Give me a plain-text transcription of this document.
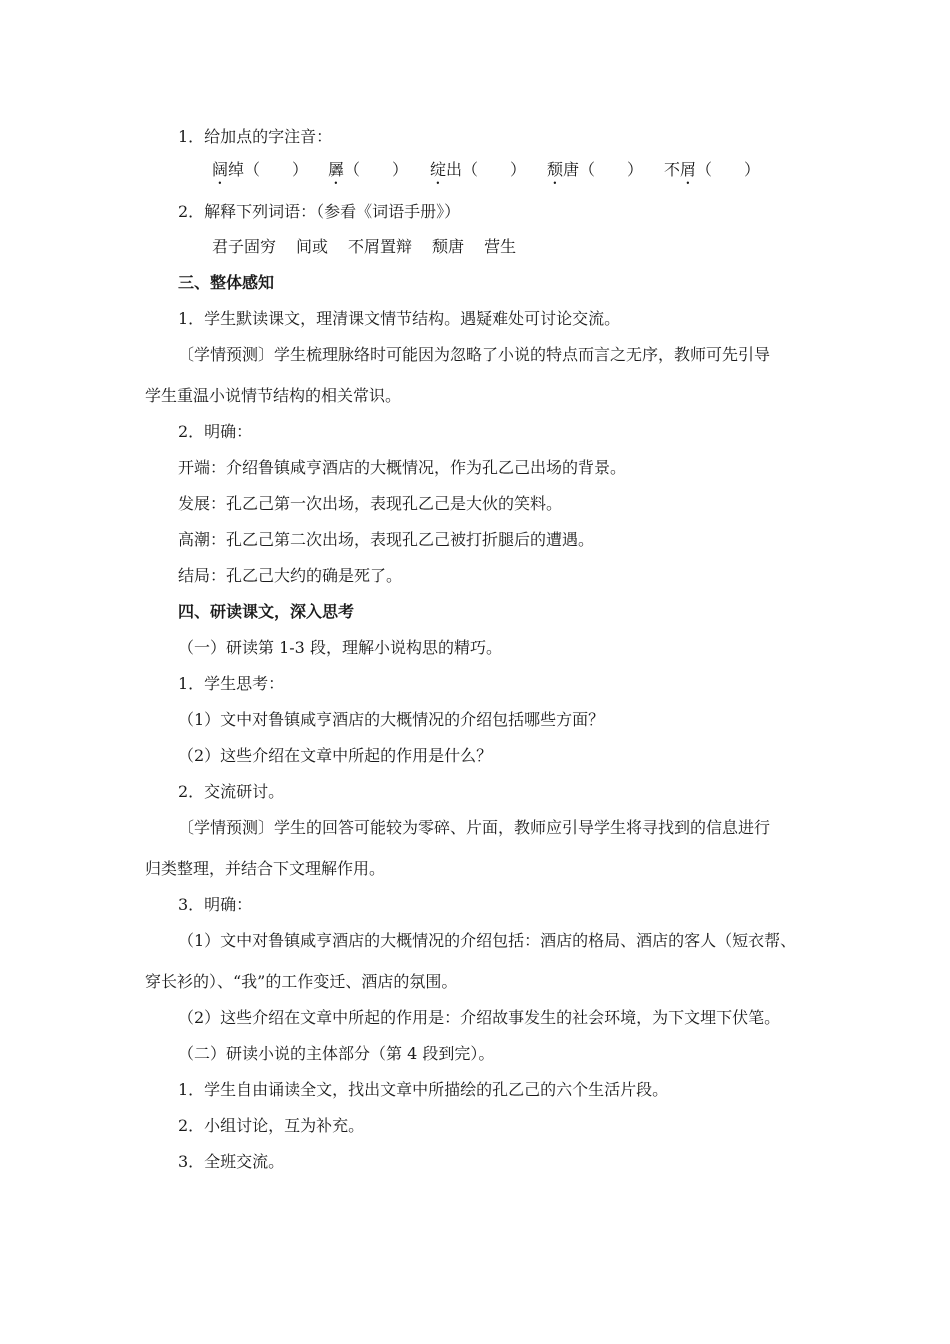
1．给加点的字注音：
阔绰（　　） 羼（　　） 绽出（　　） 颓唐（　　） 不屑（　　）
2．解释下列词语：（参看《词语手册》）
君子固穷 间或 不屑置辩 颓唐 营生
三、整体感知
1．学生默读课文，理清课文情节结构。遇疑难处可讨论交流。
〔学情预测〕学生梳理脉络时可能因为忽略了小说的特点而言之无序，教师可先引导
学生重温小说情节结构的相关常识。
2．明确：
开端：介绍鲁镇咸亨酒店的大概情况，作为孔乙己出场的背景。
发展：孔乙己第一次出场，表现孔乙己是大伙的笑料。
高潮：孔乙己第二次出场，表现孔乙己被打折腿后的遭遇。
结局：孔乙己大约的确是死了。
四、研读课文，深入思考
（一）研读第 1-3 段，理解小说构思的精巧。
1．学生思考：
（1）文中对鲁镇咸亨酒店的大概情况的介绍包括哪些方面？
（2）这些介绍在文章中所起的作用是什么？
2．交流研讨。
〔学情预测〕学生的回答可能较为零碎、片面，教师应引导学生将寻找到的信息进行
归类整理，并结合下文理解作用。
3．明确：
（1）文中对鲁镇咸亨酒店的大概情况的介绍包括：酒店的格局、酒店的客人（短衣帮、
穿长衫的）、“我”的工作变迁、酒店的氛围。
（2）这些介绍在文章中所起的作用是：介绍故事发生的社会环境，为下文埋下伏笔。
（二）研读小说的主体部分（第 4 段到完）。
1．学生自由诵读全文，找出文章中所描绘的孔乙己的六个生活片段。
2．小组讨论，互为补充。
3．全班交流。
